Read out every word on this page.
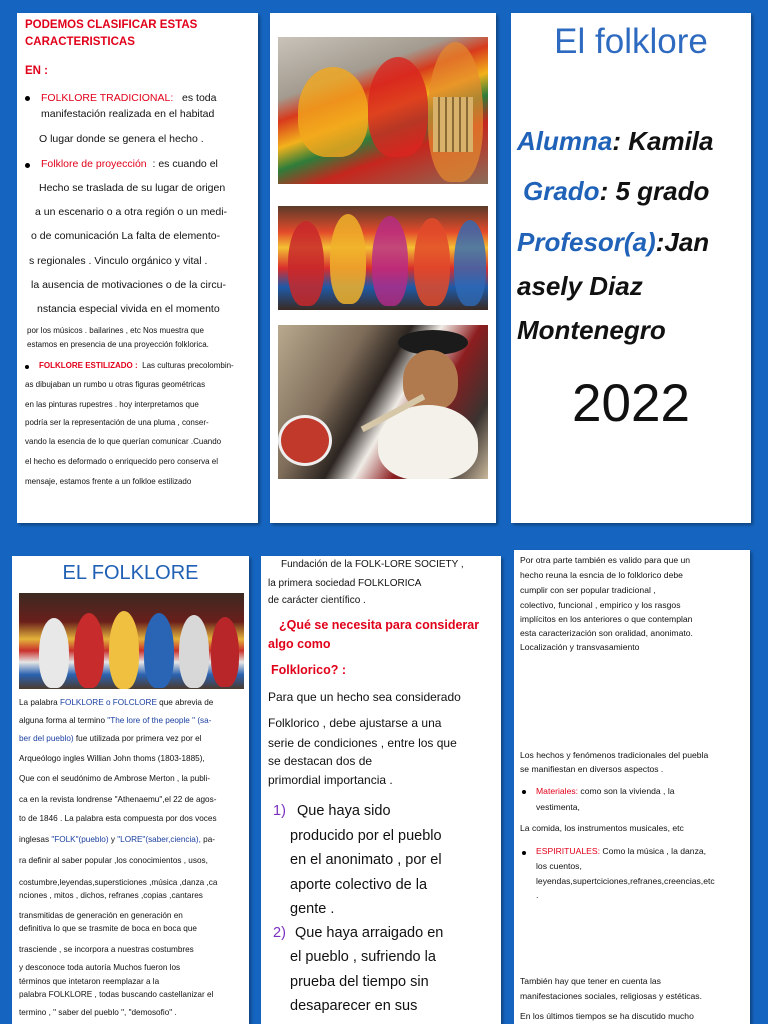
PODEMOS CLASIFICAR ESTAS CARACTERISTICAS
EN :
FOLKLORE TRADICIONAL: es toda
manifestación realizada en el habitad
O lugar donde se genera el hecho .
Folklore de proyección : es cuando el
Hecho se traslada de su lugar de origen
a un escenario o a otra región o un medi-
o de comunicación La falta de elemento-
s regionales . Vinculo orgánico y vital .
la ausencia de motivaciones o de la circu-
nstancia especial vivida en el momento
por los músicos . bailarines , etc Nos muestra que
estamos en presencia de una proyección folklorica.
FOLKLORE ESTILIZADO : Las culturas precolombin-
as dibujaban un rumbo u otras figuras geométricas
en las pinturas rupestres . hoy interpretamos que
podría ser la representación de una pluma , conser-
vando la esencia de lo que querían comunicar .Cuando
el hecho es deformado o enriquecido pero conserva el
mensaje, estamos frente a un folkloe estilizado
El folklore
Alumna: Kamila
Grado: 5 grado
Profesor(a):Jan
asely Diaz
Montenegro
2022
EL FOLKLORE
La palabra FOLKLORE o FOLCLORE que abrevia de
alguna forma al termino "The lore of the people " (sa-
ber del pueblo) fue utilizada por primera vez por el
Arqueólogo ingles Willian John thoms (1803-1885),
Que con el seudónimo de Ambrose Merton , la publi-
ca en la revista londrense "Athenaemu",el 22 de agos-
to de 1846 . La palabra esta compuesta por dos voces
inglesas "FOLK"(pueblo) y "LORE"(saber,ciencia), pa-
ra definir al saber popular ,los conocimientos , usos,
costumbre,leyendas,supersticiones ,música ,danza ,ca
nciones , mitos , dichos, refranes ,copias ,cantares
transmitidas de generación en generación en
definitiva lo que se trasmite de boca en boca que
trasciende , se incorpora a nuestras costumbres
y desconoce toda autoría Muchos fueron los
términos que intetaron reemplazar a la
palabra FOLKLORE , todas buscando castellanizar el
termino , " saber del pueblo ", "demosofio" .
Fundación de la FOLK-LORE SOCIETY ,
la primera sociedad FOLKLORICA
de carácter científico .
¿Qué se necesita para considerar
algo como
Folklorico? :
Para que un hecho sea considerado
Folklorico , debe ajustarse a una
serie de condiciones , entre los que
se destacan dos de
primordial importancia .
1) Que haya sido
producido por el pueblo
en el anonimato , por el
aporte colectivo de la
gente .
2) Que haya arraigado en
el pueblo , sufriendo la
prueba del tiempo sin
desaparecer en sus
Por otra parte también es valido para que un
hecho reuna la esncia de lo folklorico debe
cumplir con ser popular tradicional ,
colectivo, funcional , empirico y los rasgos
implícitos en los anteriores o que contemplan
esta caracterización son oralidad, anonimato.
Localización y transvasamiento
Los hechos y fenómenos tradicionales del puebla
se manifiestan en diversos aspectos .
Materiales: como son la vivienda , la
vestimenta,
La comida, los instrumentos musicales, etc
ESPIRITUALES: Como la música , la danza,
los cuentos,
leyendas,supertciciones,refranes,creencias,etc
.
También hay que tener en cuenta las
manifestaciones sociales, religiosas y estéticas.
En los últimos tiempos se ha discutido mucho
